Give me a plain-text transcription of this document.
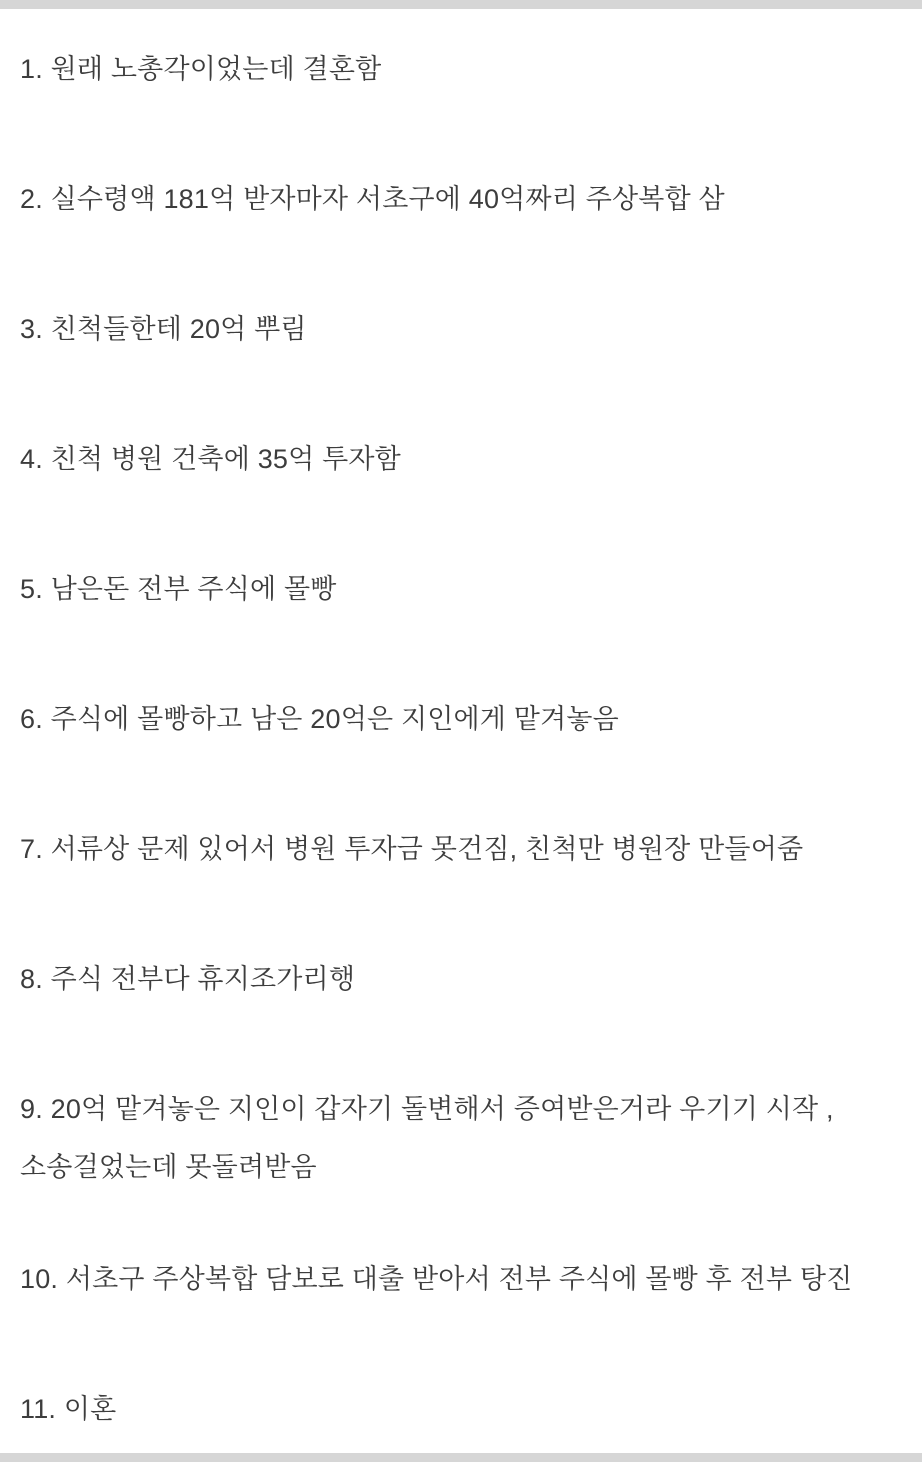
1. 원래 노총각이었는데 결혼함
2. 실수령액 181억 받자마자 서초구에 40억짜리 주상복합 삼
3. 친척들한테 20억 뿌림
4. 친척 병원 건축에 35억 투자함
5. 남은돈 전부 주식에 몰빵
6. 주식에 몰빵하고 남은 20억은 지인에게 맡겨놓음
7. 서류상 문제 있어서 병원 투자금 못건짐, 친척만 병원장 만들어줌
8. 주식 전부다 휴지조가리행
9. 20억 맡겨놓은 지인이 갑자기 돌변해서 증여받은거라 우기기 시작 , 소송걸었는데 못돌려받음
10. 서초구 주상복합 담보로 대출 받아서 전부 주식에 몰빵 후 전부 탕진
11. 이혼
